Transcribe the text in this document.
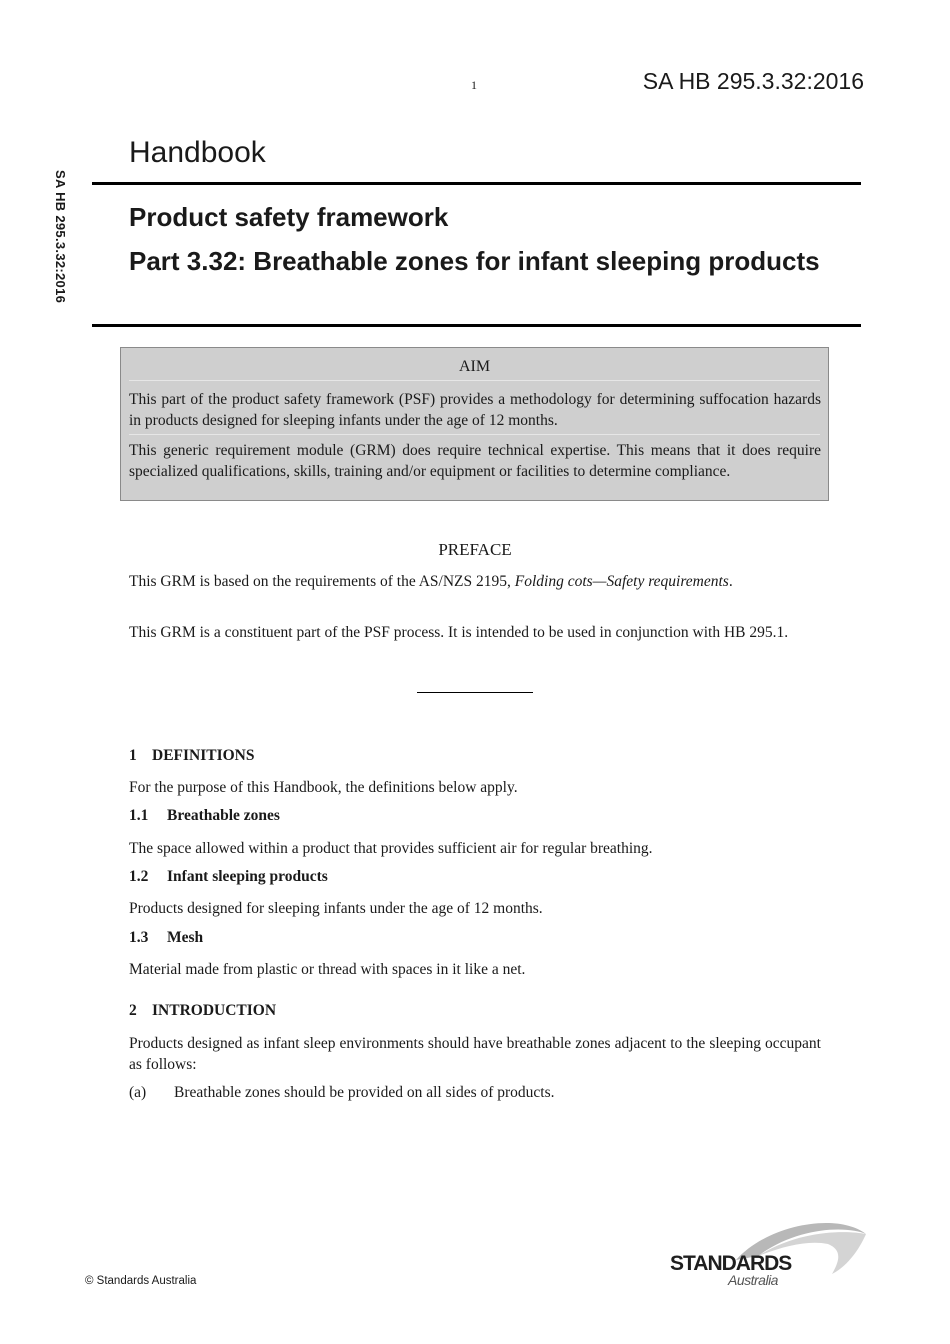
1	SA HB 295.3.32:2016
SA HB 295.3.32:2016
Handbook
Product safety framework
Part 3.32: Breathable zones for infant sleeping products
AIM
This part of the product safety framework (PSF) provides a methodology for determining suffocation hazards in products designed for sleeping infants under the age of 12 months.
This generic requirement module (GRM) does require technical expertise. This means that it does require specialized qualifications, skills, training and/or equipment or facilities to determine compliance.
PREFACE
This GRM is based on the requirements of the AS/NZS 2195, Folding cots—Safety requirements.
This GRM is a constituent part of the PSF process. It is intended to be used in conjunction with HB 295.1.
1 DEFINITIONS
For the purpose of this Handbook, the definitions below apply.
1.1 Breathable zones
The space allowed within a product that provides sufficient air for regular breathing.
1.2 Infant sleeping products
Products designed for sleeping infants under the age of 12 months.
1.3 Mesh
Material made from plastic or thread with spaces in it like a net.
2 INTRODUCTION
Products designed as infant sleep environments should have breathable zones adjacent to the sleeping occupant as follows:
(a) Breathable zones should be provided on all sides of products.
© Standards Australia
STANDARDS
Australia
